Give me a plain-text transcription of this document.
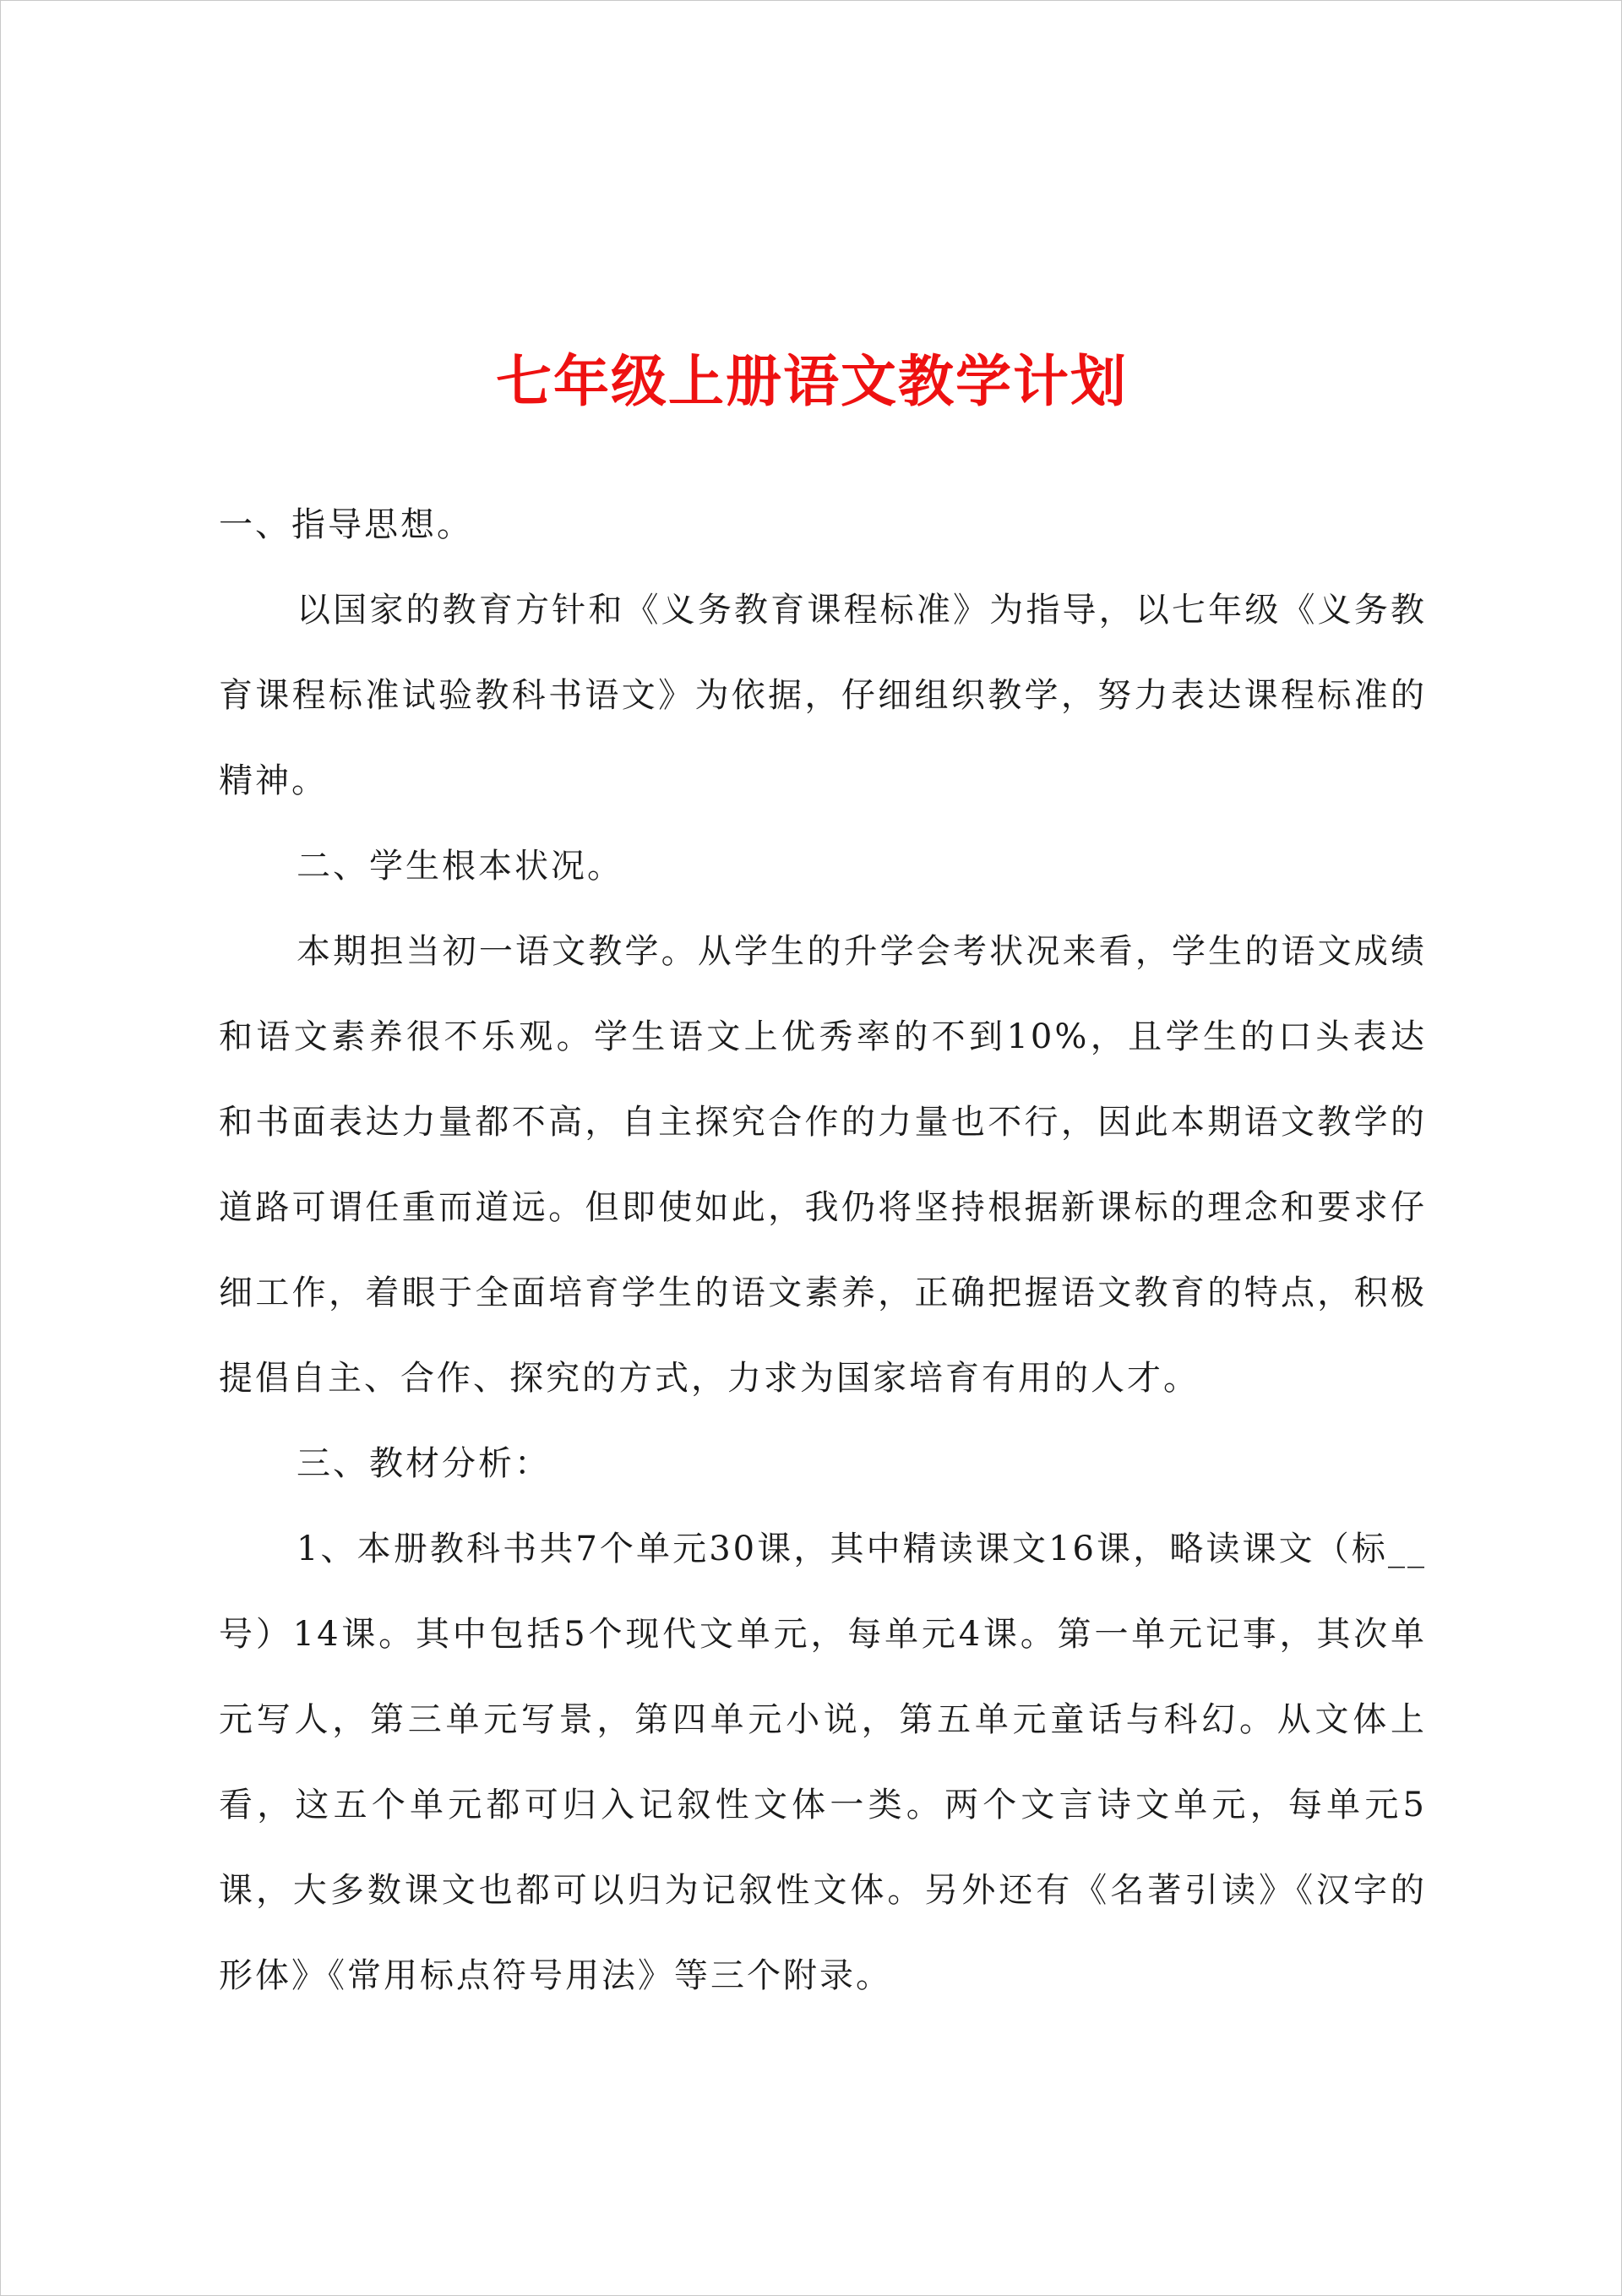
七年级上册语文教学计划

一、指导思想。

以国家的教育方针和《义务教育课程标准》为指导，以七年级《义务教育课程标准试验教科书语文》为依据，仔细组织教学，努力表达课程标准的精神。

二、学生根本状况。

本期担当初一语文教学。从学生的升学会考状况来看，学生的语文成绩和语文素养很不乐观。学生语文上优秀率的不到10%，且学生的口头表达和书面表达力量都不高，自主探究合作的力量也不行，因此本期语文教学的道路可谓任重而道远。但即使如此，我仍将坚持根据新课标的理念和要求仔细工作，着眼于全面培育学生的语文素养，正确把握语文教育的特点，积极提倡自主、合作、探究的方式，力求为国家培育有用的人才。

三、教材分析：

1、本册教科书共7个单元30课，其中精读课文16课，略读课文（标__号）14课。其中包括5个现代文单元，每单元4课。第一单元记事，其次单元写人，第三单元写景，第四单元小说，第五单元童话与科幻。从文体上看，这五个单元都可归入记叙性文体一类。两个文言诗文单元，每单元5课，大多数课文也都可以归为记叙性文体。另外还有《名著引读》《汉字的形体》《常用标点符号用法》等三个附录。
